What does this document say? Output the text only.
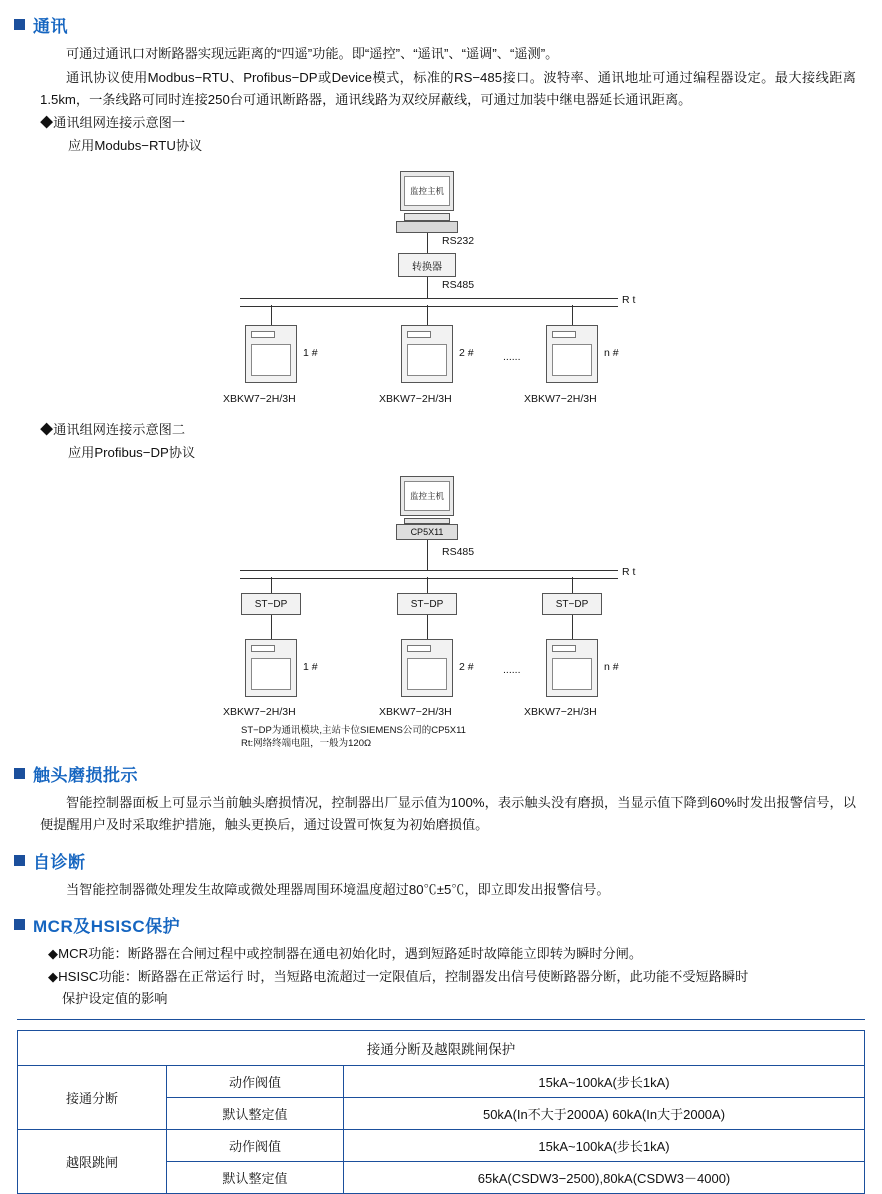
通讯

可通过通讯口对断路器实现远距离的“四遥”功能。即“遥控”、“遥讯”、“遥调”、“遥测”。

通讯协议使用Modbus−RTU、Profibus−DP或Device模式，标准的RS−485接口。波特率、通讯地址可通过编程器设定。最大接线距离1.5km，一条线路可同时连接250台可通讯断路器，通讯线路为双绞屏蔽线，可通过加装中继电器延长通讯距离。

◆通讯组网连接示意图一
应用Modubs−RTU协议
监控主机
RS232
转换器
RS485
R t
1 #	2 #	......	n #
XBKW7−2H/3H	XBKW7−2H/3H	XBKW7−2H/3H
◆通讯组网连接示意图二
应用Profibus−DP协议
监控主机
CP5X11
RS485
R t
ST−DP	ST−DP	ST−DP
1 #	2 #	......	n #
XBKW7−2H/3H	XBKW7−2H/3H	XBKW7−2H/3H
ST−DP为通讯模块,主站卡位SIEMENS公司的CP5X11
Rt:网络终端电阻，一般为120Ω
触头磨损批示

智能控制器面板上可显示当前触头磨损情况，控制器出厂显示值为100%，表示触头没有磨损，当显示值下降到60%时发出报警信号，以便提醒用户及时采取维护措施，触头更换后，通过设置可恢复为初始磨损值。

自诊断

当智能控制器微处理发生故障或微处理器周围环境温度超过80℃±5℃，即立即发出报警信号。

MCR及HSISC保护
◆MCR功能：断路器在合闸过程中或控制器在通电初始化时，遇到短路延时故障能立即转为瞬时分闸。
◆HSISC功能：断路器在正常运行 时，当短路电流超过一定限值后，控制器发出信号使断路器分断，此功能不受短路瞬时
保护设定值的影响
接通分断及越限跳闸保护		
接通分断	动作阀值	15kA~100kA(步长1kA)
	默认整定值	50kA(In不大于2000A) 60kA(In大于2000A)
越限跳闸	动作阀值	15kA~100kA(步长1kA)
	默认整定值	65kA(CSDW3−2500),80kA(CSDW3－4000)
